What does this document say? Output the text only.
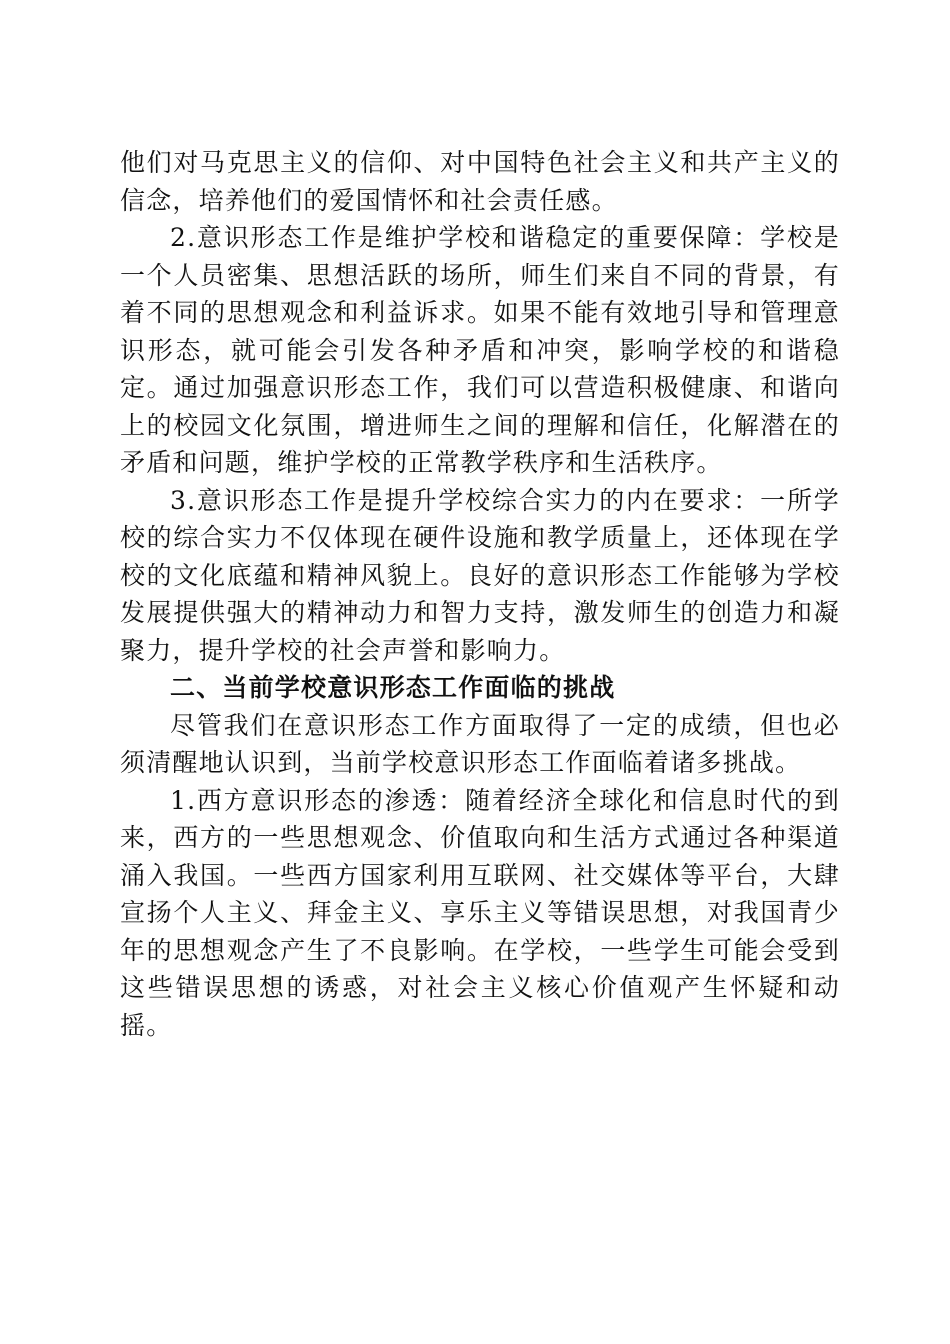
他们对马克思主义的信仰、对中国特色社会主义和共产主义的信念，培养他们的爱国情怀和社会责任感。

2.意识形态工作是维护学校和谐稳定的重要保障：学校是一个人员密集、思想活跃的场所，师生们来自不同的背景，有着不同的思想观念和利益诉求。如果不能有效地引导和管理意识形态，就可能会引发各种矛盾和冲突，影响学校的和谐稳定。通过加强意识形态工作，我们可以营造积极健康、和谐向上的校园文化氛围，增进师生之间的理解和信任，化解潜在的矛盾和问题，维护学校的正常教学秩序和生活秩序。

3.意识形态工作是提升学校综合实力的内在要求：一所学校的综合实力不仅体现在硬件设施和教学质量上，还体现在学校的文化底蕴和精神风貌上。良好的意识形态工作能够为学校发展提供强大的精神动力和智力支持，激发师生的创造力和凝聚力，提升学校的社会声誉和影响力。

二、当前学校意识形态工作面临的挑战

尽管我们在意识形态工作方面取得了一定的成绩，但也必须清醒地认识到，当前学校意识形态工作面临着诸多挑战。

1.西方意识形态的渗透：随着经济全球化和信息时代的到来，西方的一些思想观念、价值取向和生活方式通过各种渠道涌入我国。一些西方国家利用互联网、社交媒体等平台，大肆宣扬个人主义、拜金主义、享乐主义等错误思想，对我国青少年的思想观念产生了不良影响。在学校，一些学生可能会受到这些错误思想的诱惑，对社会主义核心价值观产生怀疑和动摇。
